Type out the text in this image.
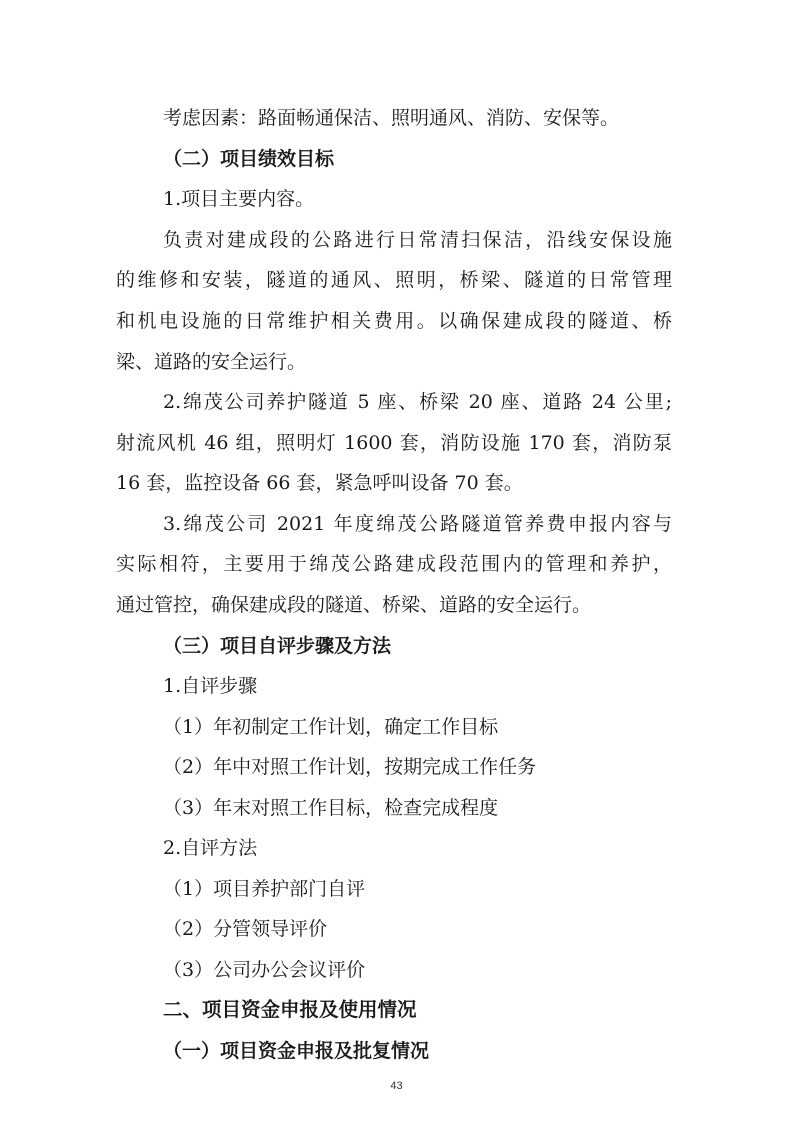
考虑因素：路面畅通保洁、照明通风、消防、安保等。
（二）项目绩效目标
1.项目主要内容。
负责对建成段的公路进行日常清扫保洁，沿线安保设施
的维修和安装，隧道的通风、照明，桥梁、隧道的日常管理
和机电设施的日常维护相关费用。以确保建成段的隧道、桥
梁、道路的安全运行。
2.绵茂公司养护隧道 5 座、桥梁 20 座、道路 24 公里;
射流风机 46 组，照明灯 1600 套，消防设施 170 套，消防泵
16 套，监控设备 66 套，紧急呼叫设备 70 套。
3.绵茂公司 2021 年度绵茂公路隧道管养费申报内容与
实际相符，主要用于绵茂公路建成段范围内的管理和养护，
通过管控，确保建成段的隧道、桥梁、道路的安全运行。
（三）项目自评步骤及方法
1.自评步骤
（1）年初制定工作计划，确定工作目标
（2）年中对照工作计划，按期完成工作任务
（3）年末对照工作目标，检查完成程度
2.自评方法
（1）项目养护部门自评
（2）分管领导评价
（3）公司办公会议评价
二、项目资金申报及使用情况
（一）项目资金申报及批复情况
43
